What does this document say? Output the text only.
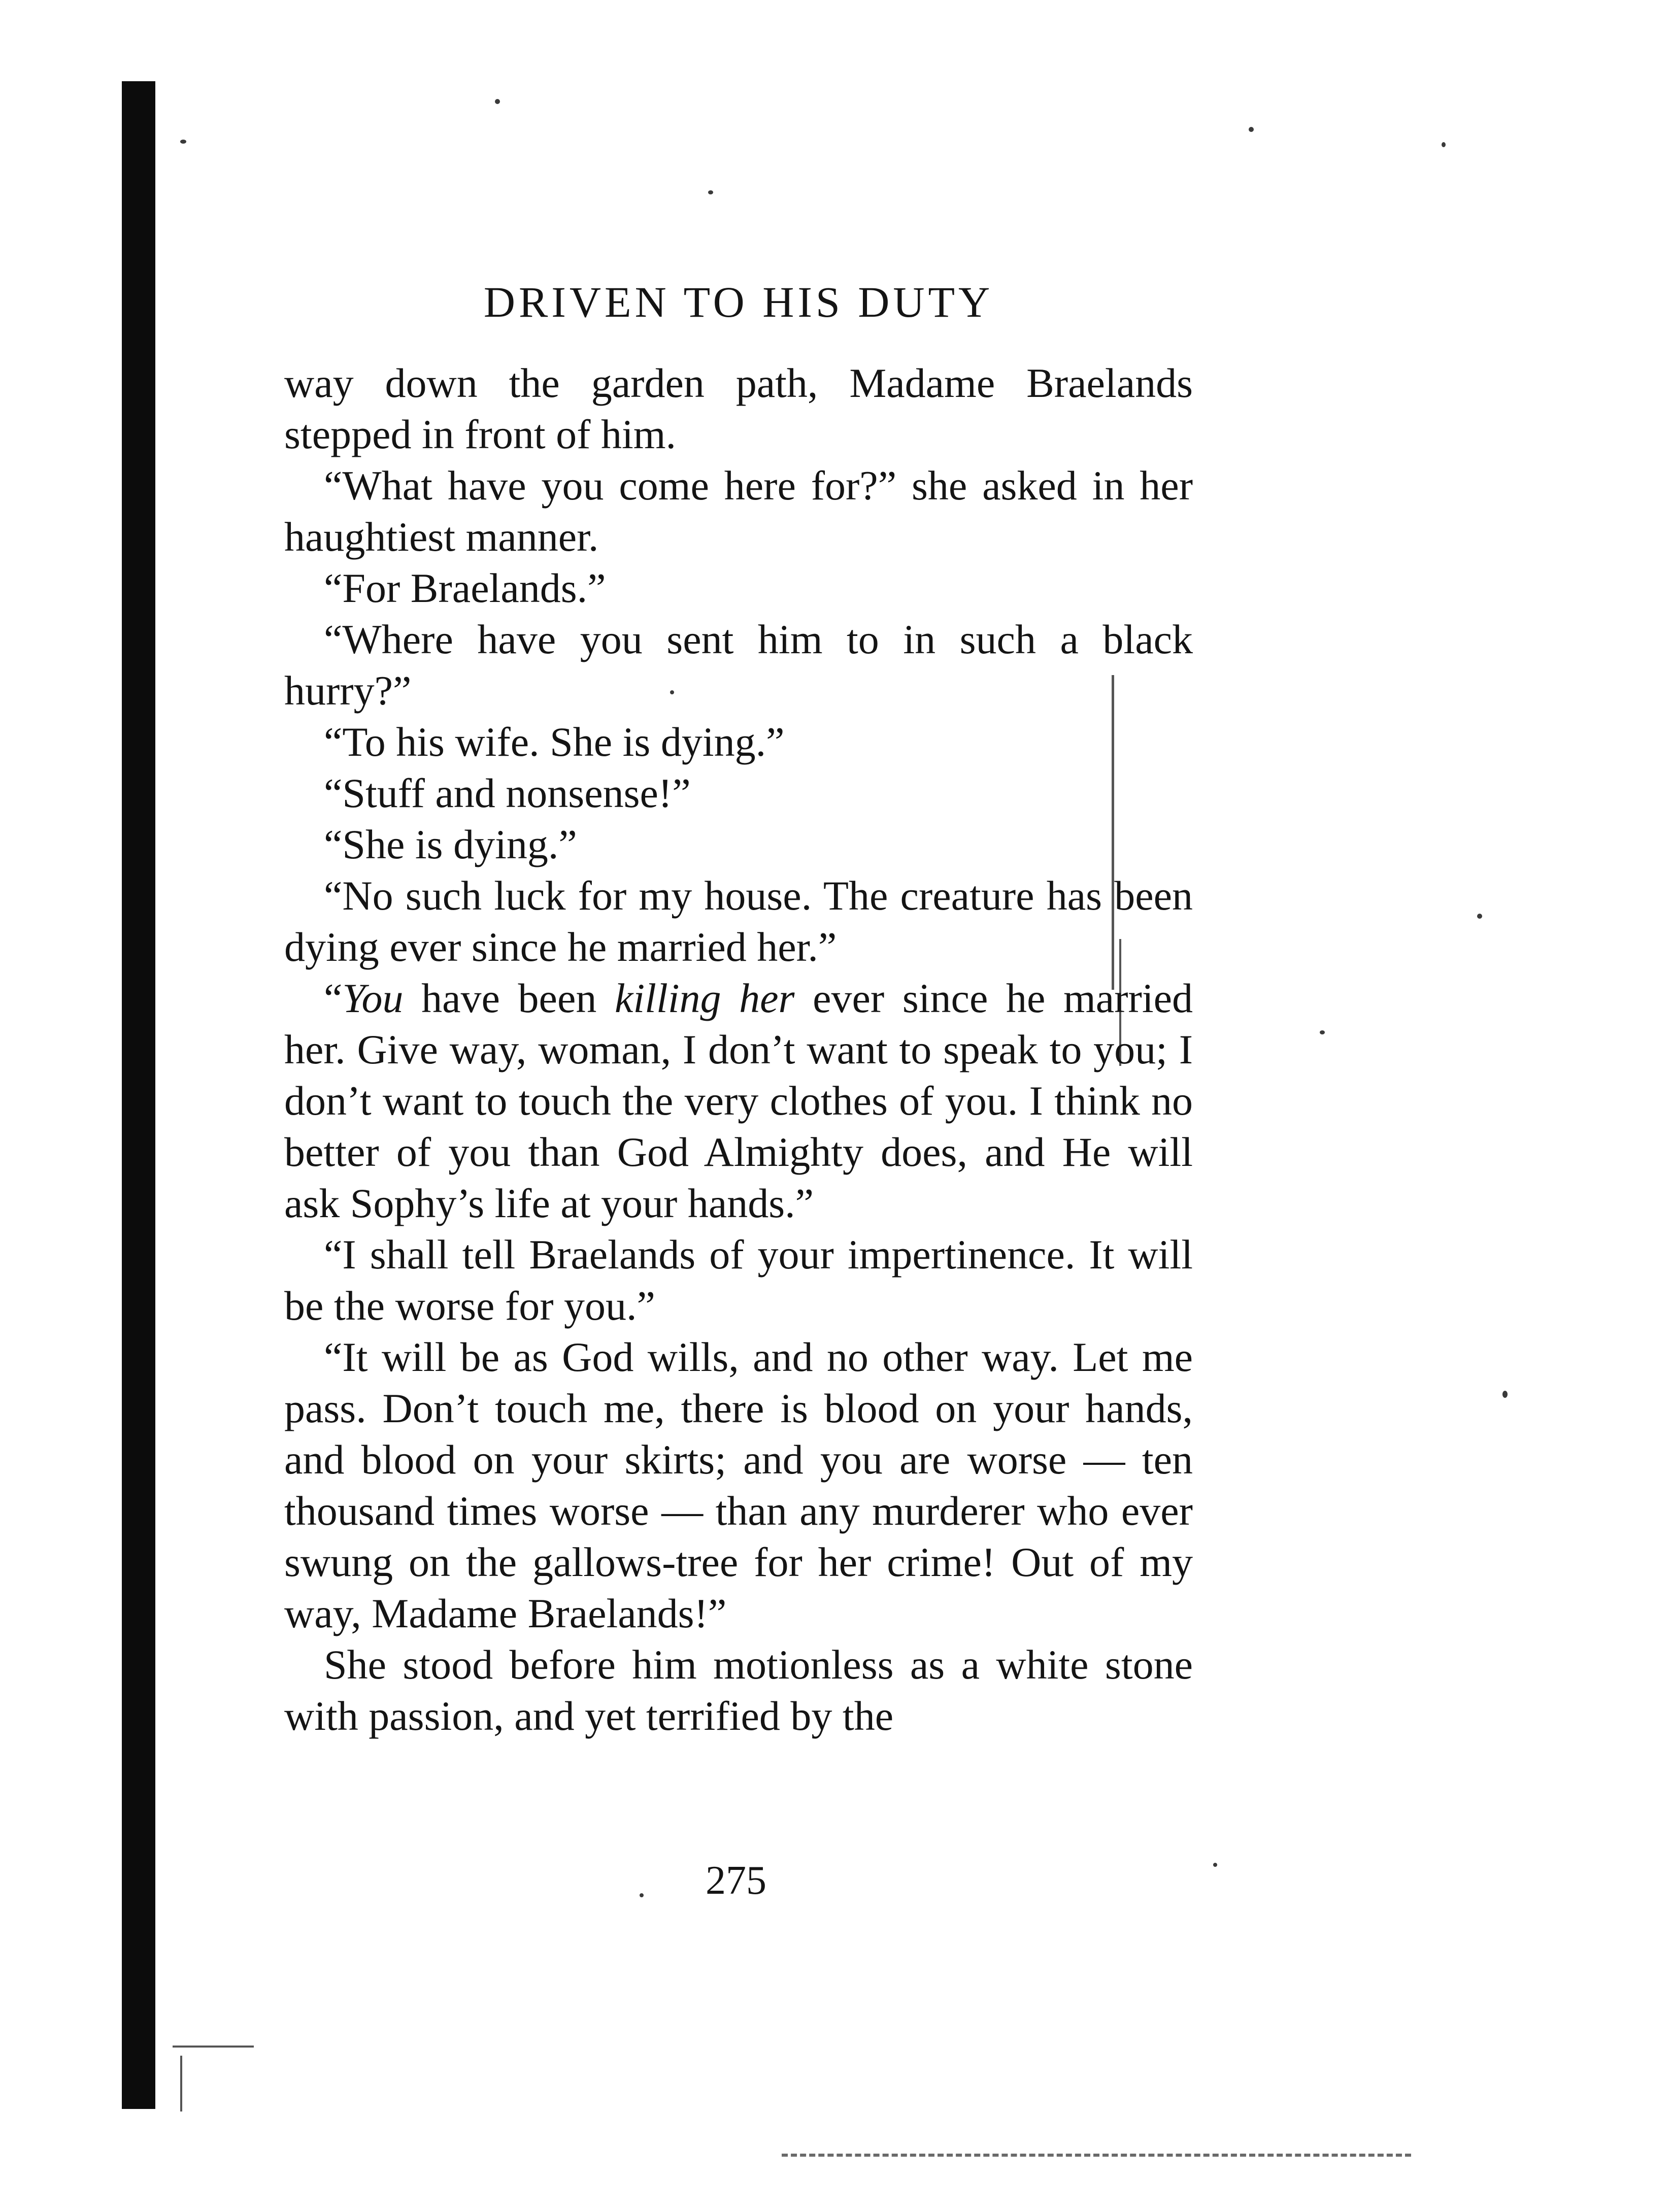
DRIVEN TO HIS DUTY

way down the garden path, Madame Braelands stepped in front of him.

“What have you come here for?” she asked in her haughtiest manner.

“For Braelands.”

“Where have you sent him to in such a black hurry?”

“To his wife. She is dying.”

“Stuff and nonsense!”

“She is dying.”

“No such luck for my house. The creature has been dying ever since he married her.”

“You have been killing her ever since he married her. Give way, woman, I don’t want to speak to you; I don’t want to touch the very clothes of you. I think no better of you than God Almighty does, and He will ask Sophy’s life at your hands.”

“I shall tell Braelands of your impertinence. It will be the worse for you.”

“It will be as God wills, and no other way. Let me pass. Don’t touch me, there is blood on your hands, and blood on your skirts; and you are worse — ten thousand times worse — than any murderer who ever swung on the gallows-tree for her crime! Out of my way, Madame Braelands!”

She stood before him motionless as a white stone with passion, and yet terrified by the

275
